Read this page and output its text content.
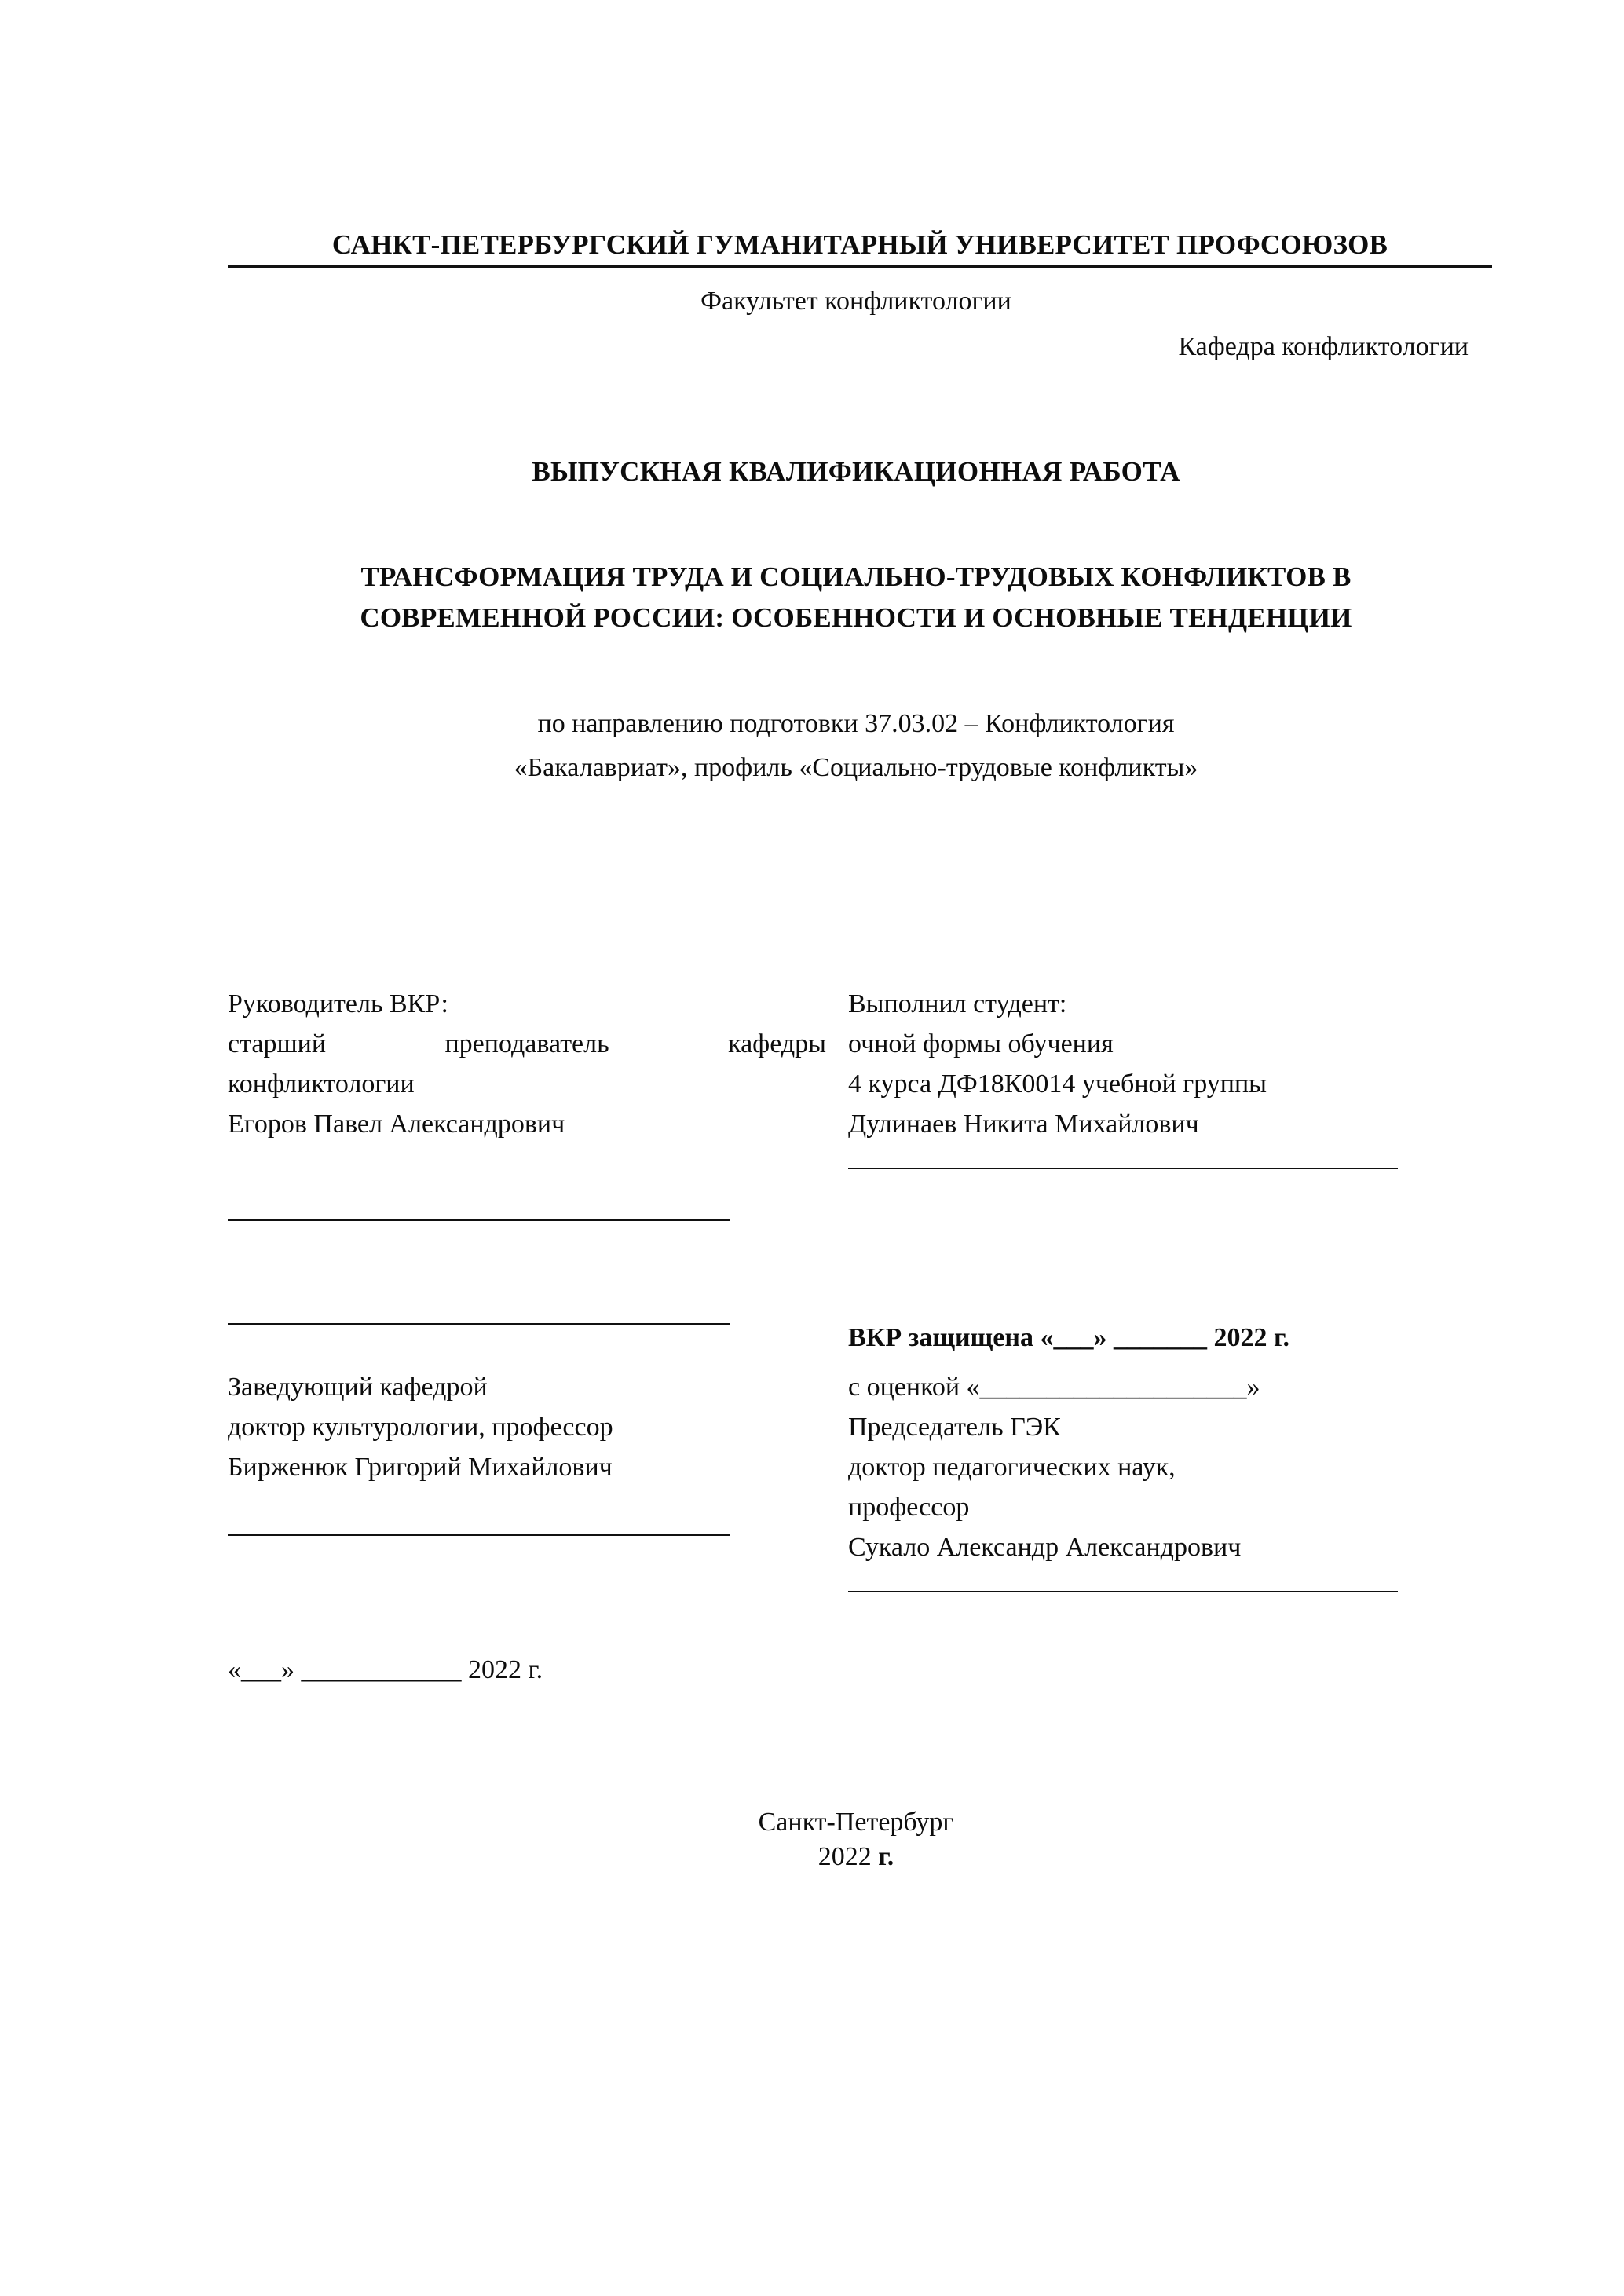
САНКТ-ПЕТЕРБУРГСКИЙ ГУМАНИТАРНЫЙ УНИВЕРСИТЕТ ПРОФСОЮЗОВ
Факультет конфликтологии
Кафедра конфликтологии
ВЫПУСКНАЯ КВАЛИФИКАЦИОННАЯ РАБОТА
ТРАНСФОРМАЦИЯ ТРУДА И СОЦИАЛЬНО-ТРУДОВЫХ КОНФЛИКТОВ В СОВРЕМЕННОЙ РОССИИ: ОСОБЕННОСТИ И ОСНОВНЫЕ ТЕНДЕНЦИИ
по направлению подготовки 37.03.02 – Конфликтология
«Бакалавриат», профиль «Социально-трудовые конфликты»
Руководитель ВКР:
старший преподаватель кафедры
конфликтологии
Егоров Павел Александрович
Выполнил студент:
очной формы обучения
4 курса ДФ18К0014 учебной группы
Дулинаев Никита Михайлович
ВКР защищена «___» _______ 2022 г.
Заведующий кафедрой
доктор культурологии, профессор
Бирженюк Григорий Михайлович
с оценкой «____________________»
Председатель ГЭК
доктор педагогических наук,
профессор
Сукало Александр Александрович
«___» ____________ 2022 г.
Санкт-Петербург
2022 г.
